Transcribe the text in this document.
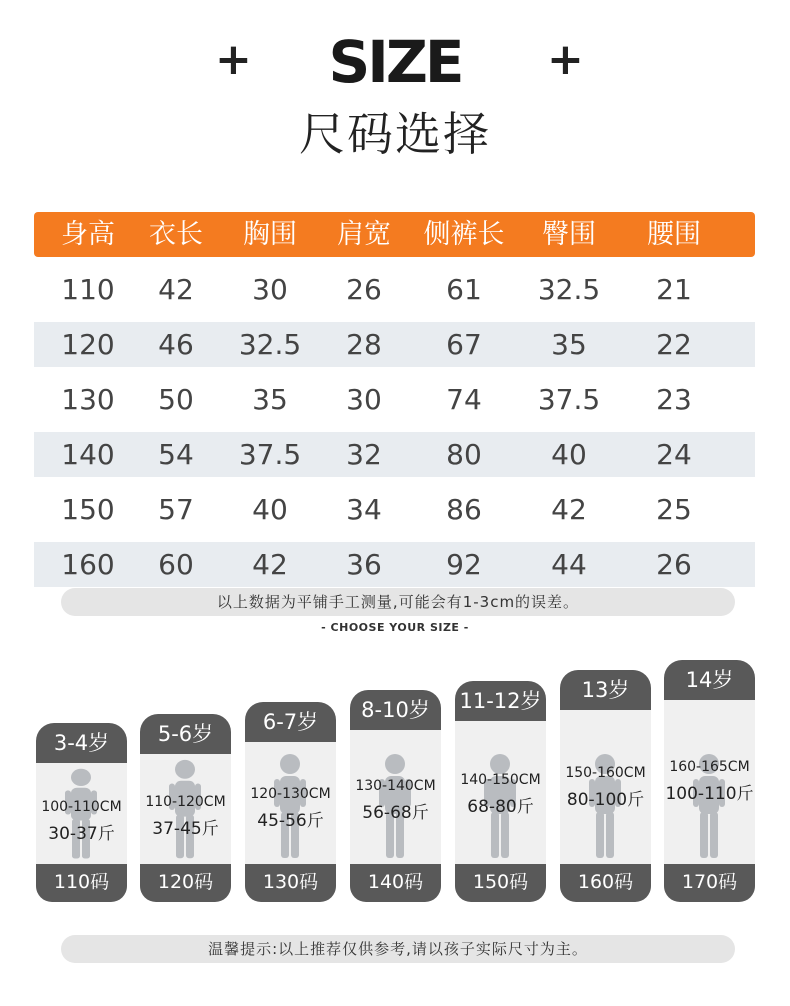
+	SIZE	+
尺码选择
身高 衣长 胸围 肩宽 侧裤长 臀围 腰围
110 42 30 26 61 32.5 21
120 46 32.5 28 67 35 22
130 50 35 30 74 37.5 23
140 54 37.5 32 80 40 24
150 57 40 34 86 42 25
160 60 42 36 92 44 26
以上数据为平铺手工测量,可能会有1-3cm的误差。
- CHOOSE YOUR SIZE -
3-4岁
100-110CM
30-37斤
110码
5-6岁
110-120CM
37-45斤
120码
6-7岁
120-130CM
45-56斤
130码
8-10岁
130-140CM
56-68斤
140码
11-12岁
140-150CM
68-80斤
150码
13岁
150-160CM
80-100斤
160码
14岁
160-165CM
100-110斤
170码
温馨提示:以上推荐仅供参考,请以孩子实际尺寸为主。
